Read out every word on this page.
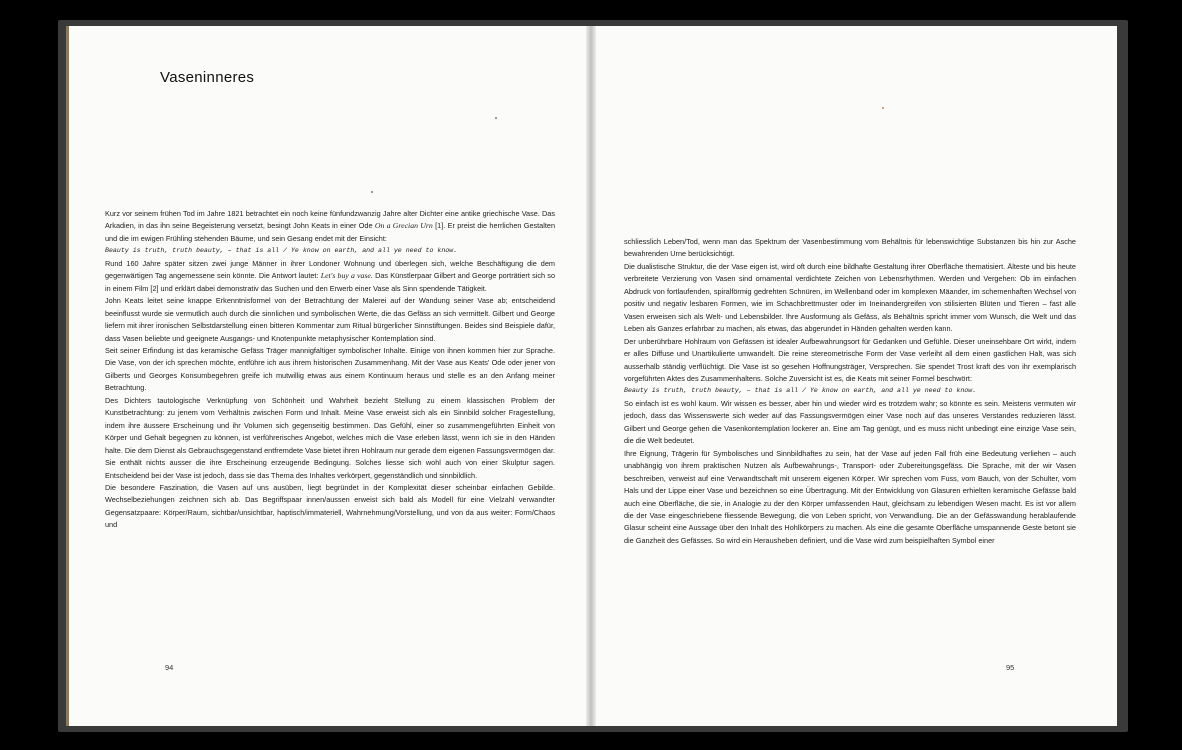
Vaseninneres

Kurz vor seinem frühen Tod im Jahre 1821 betrachtet ein noch keine fünfundzwanzig Jahre alter Dichter eine antike griechische Vase. Das Arkadien, in das ihn seine Begeisterung versetzt, besingt John Keats in einer Ode On a Grecian Urn [1]. Er preist die herrlichen Gestalten und die im ewigen Frühling stehenden Bäume, und sein Gesang endet mit der Einsicht:

Beauty is truth, truth beauty, – that is all / Ye know on earth, and all ye need to know.

Rund 160 Jahre später sitzen zwei junge Männer in ihrer Londoner Wohnung und überlegen sich, welche Beschäftigung die dem gegenwärtigen Tag angemessene sein könnte. Die Antwort lautet: Let's buy a vase. Das Künstlerpaar Gilbert and George porträtiert sich so in einem Film [2] und erklärt dabei demonstrativ das Suchen und den Erwerb einer Vase als Sinn spendende Tätigkeit.

John Keats leitet seine knappe Erkenntnisformel von der Betrachtung der Malerei auf der Wandung seiner Vase ab; entscheidend beeinflusst wurde sie vermutlich auch durch die sinnlichen und symbolischen Werte, die das Gefäss an sich vermittelt. Gilbert und George liefern mit ihrer ironischen Selbstdarstellung einen bitteren Kommentar zum Ritual bürgerlicher Sinnstiftungen. Beides sind Beispiele dafür, dass Vasen beliebte und geeignete Ausgangs- und Knotenpunkte metaphysischer Kontemplation sind.

Seit seiner Erfindung ist das keramische Gefäss Träger mannigfaltiger symbolischer Inhalte. Einige von ihnen kommen hier zur Sprache. Die Vase, von der ich sprechen möchte, entführe ich aus ihrem historischen Zusammenhang. Mit der Vase aus Keats' Ode oder jener von Gilberts und Georges Konsumbegehren greife ich mutwillig etwas aus einem Kontinuum heraus und stelle es an den Anfang meiner Betrachtung.

Des Dichters tautologische Verknüpfung von Schönheit und Wahrheit bezieht Stellung zu einem klassischen Problem der Kunstbetrachtung: zu jenem vom Verhältnis zwischen Form und Inhalt. Meine Vase erweist sich als ein Sinnbild solcher Fragestellung, indem ihre äussere Erscheinung und ihr Volumen sich gegenseitig bestimmen. Das Gefühl, einer so zusammengeführten Einheit von Körper und Gehalt begegnen zu können, ist verführerisches Angebot, welches mich die Vase erleben lässt, wenn ich sie in den Händen halte. Die dem Dienst als Gebrauchsgegenstand entfremdete Vase bietet ihren Hohlraum nur gerade dem eigenen Fassungsvermögen dar. Sie enthält nichts ausser die ihre Erscheinung erzeugende Bedingung. Solches liesse sich wohl auch von einer Skulptur sagen. Entscheidend bei der Vase ist jedoch, dass sie das Thema des Inhaltes verkörpert, gegenständlich und sinnbildlich.

Die besondere Faszination, die Vasen auf uns ausüben, liegt begründet in der Komplexität dieser scheinbar einfachen Gebilde. Wechselbeziehungen zeichnen sich ab. Das Begriffspaar innen/aussen erweist sich bald als Modell für eine Vielzahl verwandter Gegensatzpaare: Körper/Raum, sichtbar/unsichtbar, haptisch/immateriell, Wahrnehmung/Vorstellung, und von da aus weiter: Form/Chaos und

94

schliesslich Leben/Tod, wenn man das Spektrum der Vasenbestimmung vom Behältnis für lebenswichtige Substanzen bis hin zur Asche bewahrenden Urne berücksichtigt.

Die dualistische Struktur, die der Vase eigen ist, wird oft durch eine bildhafte Gestaltung ihrer Oberfläche thematisiert. Älteste und bis heute verbreitete Verzierung von Vasen sind ornamental verdichtete Zeichen von Lebensrhythmen. Werden und Vergehen: Ob im einfachen Abdruck von fortlaufenden, spiralförmig gedrehten Schnüren, im Wellenband oder im komplexen Mäander, im schemenhaften Wechsel von positiv und negativ lesbaren Formen, wie im Schachbrettmuster oder im Ineinandergreifen von stilisierten Blüten und Tieren – fast alle Vasen erweisen sich als Welt- und Lebensbilder. Ihre Ausformung als Gefäss, als Behältnis spricht immer vom Wunsch, die Welt und das Leben als Ganzes erfahrbar zu machen, als etwas, das abgerundet in Händen gehalten werden kann.

Der unberührbare Hohlraum von Gefässen ist idealer Aufbewahrungsort für Gedanken und Gefühle. Dieser uneinsehbare Ort wirkt, indem er alles Diffuse und Unartikulierte umwandelt. Die reine stereometrische Form der Vase verleiht all dem einen gastlichen Halt, was sich ausserhalb ständig verflüchtigt. Die Vase ist so gesehen Hoffnungsträger, Versprechen. Sie spendet Trost kraft des von ihr exemplarisch vorgeführten Aktes des Zusammenhaltens. Solche Zuversicht ist es, die Keats mit seiner Formel beschwört:

Beauty is truth, truth beauty, – that is all / Ye know on earth, and all ye need to know.

So einfach ist es wohl kaum. Wir wissen es besser, aber hin und wieder wird es trotzdem wahr; so könnte es sein. Meistens vermuten wir jedoch, dass das Wissenswerte sich weder auf das Fassungsvermögen einer Vase noch auf das unseres Verstandes reduzieren lässt. Gilbert und George gehen die Vasenkontemplation lockerer an. Eine am Tag genügt, und es muss nicht unbedingt eine einzige Vase sein, die die Welt bedeutet.

Ihre Eignung, Trägerin für Symbolisches und Sinnbildhaftes zu sein, hat der Vase auf jeden Fall früh eine Bedeutung verliehen – auch unabhängig von ihrem praktischen Nutzen als Aufbewahrungs-, Transport- oder Zubereitungsgefäss. Die Sprache, mit der wir Vasen beschreiben, verweist auf eine Verwandtschaft mit unserem eigenen Körper. Wir sprechen vom Fuss, vom Bauch, von der Schulter, vom Hals und der Lippe einer Vase und bezeichnen so eine Übertragung. Mit der Entwicklung von Glasuren erhielten keramische Gefässe bald auch eine Oberfläche, die sie, in Analogie zu der den Körper umfassenden Haut, gleichsam zu lebendigen Wesen macht. Es ist vor allem die der Vase eingeschriebene fliessende Bewegung, die von Leben spricht, von Verwandlung. Die an der Gefässwandung herablaufende Glasur scheint eine Aussage über den Inhalt des Hohlkörpers zu machen. Als eine die gesamte Oberfläche umspannende Geste betont sie die Ganzheit des Gefässes. So wird ein Herausheben definiert, und die Vase wird zum beispielhaften Symbol einer

95
